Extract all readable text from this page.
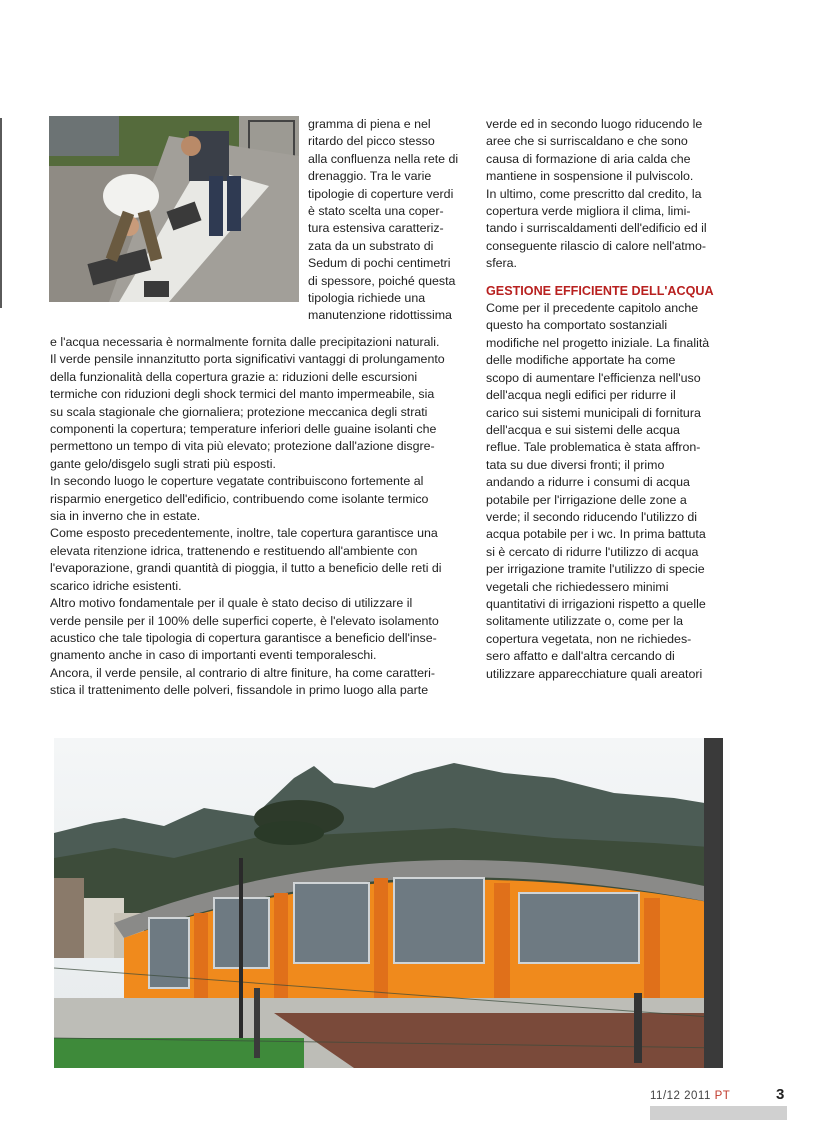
gramma di piena e nel
ritardo del picco stesso
alla confluenza nella rete di
drenaggio. Tra le varie
tipologie di coperture verdi
è stato scelta una coper-
tura estensiva caratteriz-
zata da un substrato di
Sedum di pochi centimetri
di spessore, poiché questa
tipologia richiede una
manutenzione ridottissima
e l'acqua necessaria è normalmente fornita dalle precipitazioni naturali.
Il verde pensile innanzitutto porta significativi vantaggi di prolungamento
della funzionalità della copertura grazie a: riduzioni delle escursioni
termiche con riduzioni degli shock termici del manto impermeabile, sia
su scala stagionale che giornaliera; protezione meccanica degli strati
componenti la copertura; temperature inferiori delle guaine isolanti che
permettono un tempo di vita più elevato; protezione dall'azione disgre-
gante gelo/disgelo sugli strati più esposti.
In secondo luogo le coperture vegatate contribuiscono fortemente al
risparmio energetico dell'edificio, contribuendo come isolante termico
sia in inverno che in estate.
Come esposto precedentemente, inoltre, tale copertura garantisce una
elevata ritenzione idrica, trattenendo e restituendo all'ambiente con
l'evaporazione, grandi quantità di pioggia, il tutto a beneficio delle reti di
scarico idriche esistenti.
Altro motivo fondamentale per il quale è stato deciso di utilizzare il
verde pensile per il 100% delle superfici coperte, è l'elevato isolamento
acustico che tale tipologia di copertura garantisce a beneficio dell'inse-
gnamento anche in caso di importanti eventi temporaleschi.
Ancora, il verde pensile, al contrario di altre finiture, ha come caratteri-
stica il trattenimento delle polveri, fissandole in primo luogo alla parte
verde ed in secondo luogo riducendo le
aree che si surriscaldano e che sono
causa di formazione di aria calda che
mantiene in sospensione il pulviscolo.
In ultimo, come prescritto dal credito, la
copertura verde migliora il clima, limi-
tando i surriscaldamenti dell'edificio ed il
conseguente rilascio di calore nell'atmo-
sfera.
GESTIONE EFFICIENTE DELL'ACQUA
Come per il precedente capitolo anche
questo ha comportato sostanziali
modifiche nel progetto iniziale. La finalità
delle modifiche apportate ha come
scopo di aumentare l'efficienza nell'uso
dell'acqua negli edifici per ridurre il
carico sui sistemi municipali di fornitura
dell'acqua e sui sistemi delle acqua
reflue. Tale problematica è stata affron-
tata su due diversi fronti; il primo
andando a ridurre i consumi di acqua
potabile per l'irrigazione delle zone a
verde; il secondo riducendo l'utilizzo di
acqua potabile per i wc. In prima battuta
si è cercato di ridurre l'utilizzo di acqua
per irrigazione tramite l'utilizzo di specie
vegetali che richiedessero minimi
quantitativi di irrigazioni rispetto a quelle
solitamente utilizzate o, come per la
copertura vegetata, non ne richiedes-
sero affatto e dall'altra cercando di
utilizzare apparecchiature quali areatori
11/12 2011 PT	3
